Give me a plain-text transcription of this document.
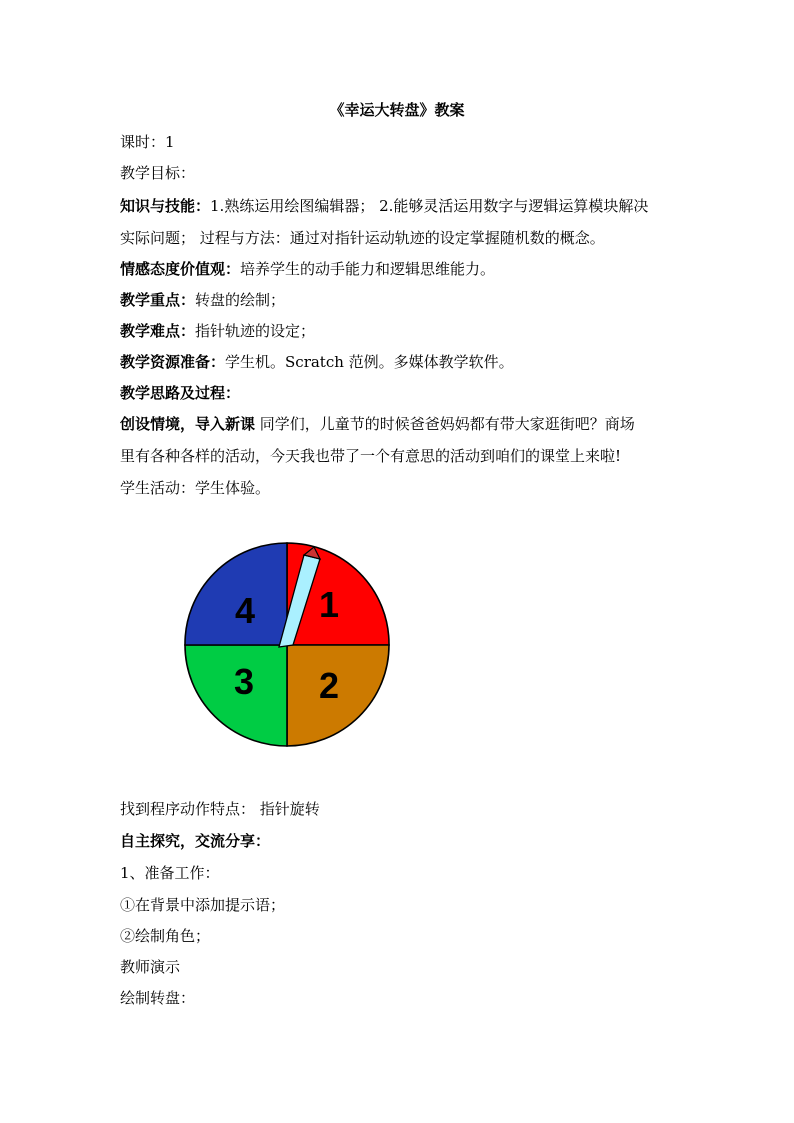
《幸运大转盘》教案
课时：1
教学目标：
知识与技能：1.熟练运用绘图编辑器； 2.能够灵活运用数字与逻辑运算模块解决
实际问题； 过程与方法：通过对指针运动轨迹的设定掌握随机数的概念。
情感态度价值观：培养学生的动手能力和逻辑思维能力。
教学重点：转盘的绘制；
教学难点：指针轨迹的设定；
教学资源准备：学生机。Scratch 范例。多媒体教学软件。
教学思路及过程：
创设情境，导入新课 同学们，儿童节的时候爸爸妈妈都有带大家逛街吧？商场
里有各种各样的活动，今天我也带了一个有意思的活动到咱们的课堂上来啦!
学生活动：学生体验。
1
2
3
4
找到程序动作特点： 指针旋转
自主探究，交流分享：
1、准备工作：
①在背景中添加提示语；
②绘制角色；
教师演示
绘制转盘：
